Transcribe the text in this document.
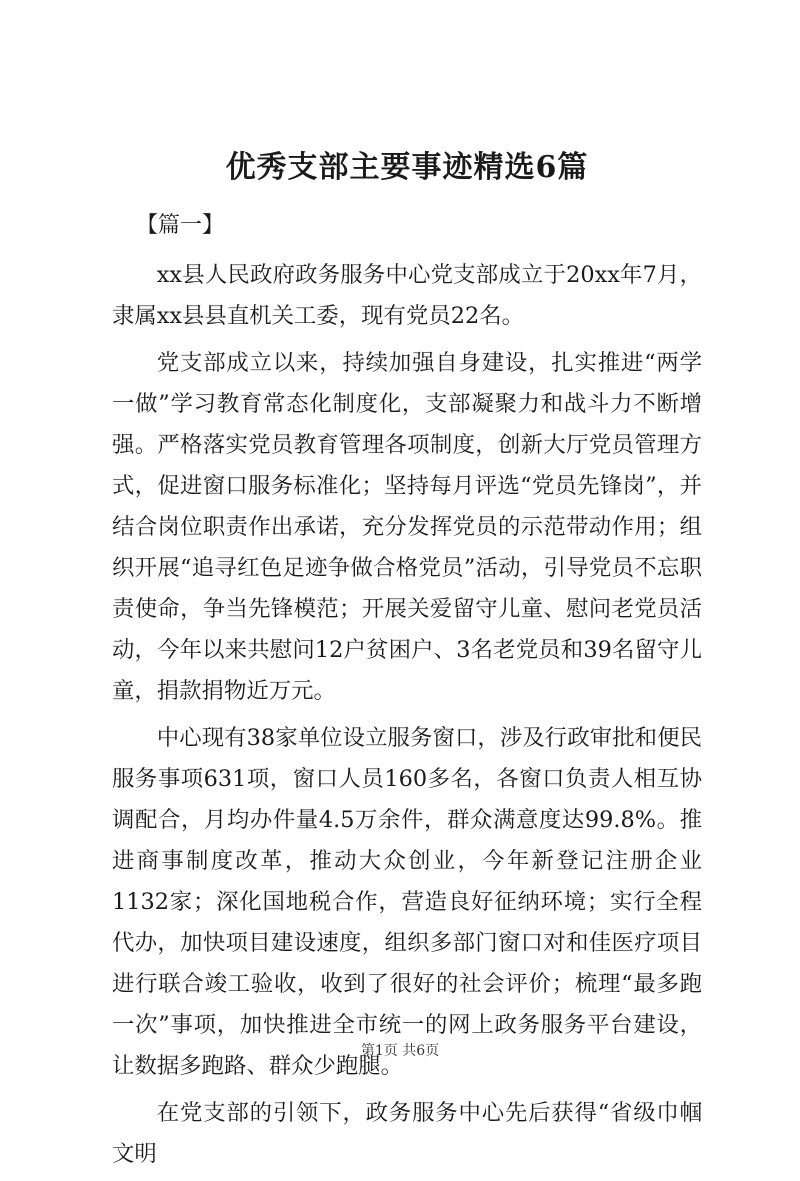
优秀支部主要事迹精选6篇
【篇一】

xx县人民政府政务服务中心党支部成立于20xx年7月，隶属xx县县直机关工委，现有党员22名。

党支部成立以来，持续加强自身建设，扎实推进“两学一做”学习教育常态化制度化，支部凝聚力和战斗力不断增强。严格落实党员教育管理各项制度，创新大厅党员管理方式，促进窗口服务标准化；坚持每月评选“党员先锋岗”，并结合岗位职责作出承诺，充分发挥党员的示范带动作用；组织开展“追寻红色足迹争做合格党员”活动，引导党员不忘职责使命，争当先锋模范；开展关爱留守儿童、慰问老党员活动，今年以来共慰问12户贫困户、3名老党员和39名留守儿童，捐款捐物近万元。

中心现有38家单位设立服务窗口，涉及行政审批和便民服务事项631项，窗口人员160多名，各窗口负责人相互协调配合，月均办件量4.5万余件，群众满意度达99.8%。推进商事制度改革，推动大众创业，今年新登记注册企业1132家；深化国地税合作，营造良好征纳环境；实行全程代办，加快项目建设速度，组织多部门窗口对和佳医疗项目进行联合竣工验收，收到了很好的社会评价；梳理“最多跑一次”事项，加快推进全市统一的网上政务服务平台建设，让数据多跑路、群众少跑腿。

在党支部的引领下，政务服务中心先后获得“省级巾帼文明

第1页 共6页
